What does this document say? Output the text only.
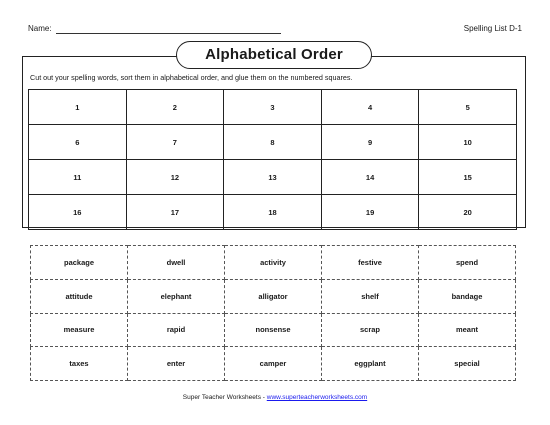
Name:	Spelling List D-1
Alphabetical Order
Cut out your spelling words, sort them in alphabetical order, and glue them on the numbered squares.
1	2	3	4	5
6	7	8	9	10
11	12	13	14	15
16	17	18	19	20
package	dwell	activity	festive	spend
attitude	elephant	alligator	shelf	bandage
measure	rapid	nonsense	scrap	meant
taxes	enter	camper	eggplant	special
Super Teacher Worksheets - www.superteacherworksheets.com
